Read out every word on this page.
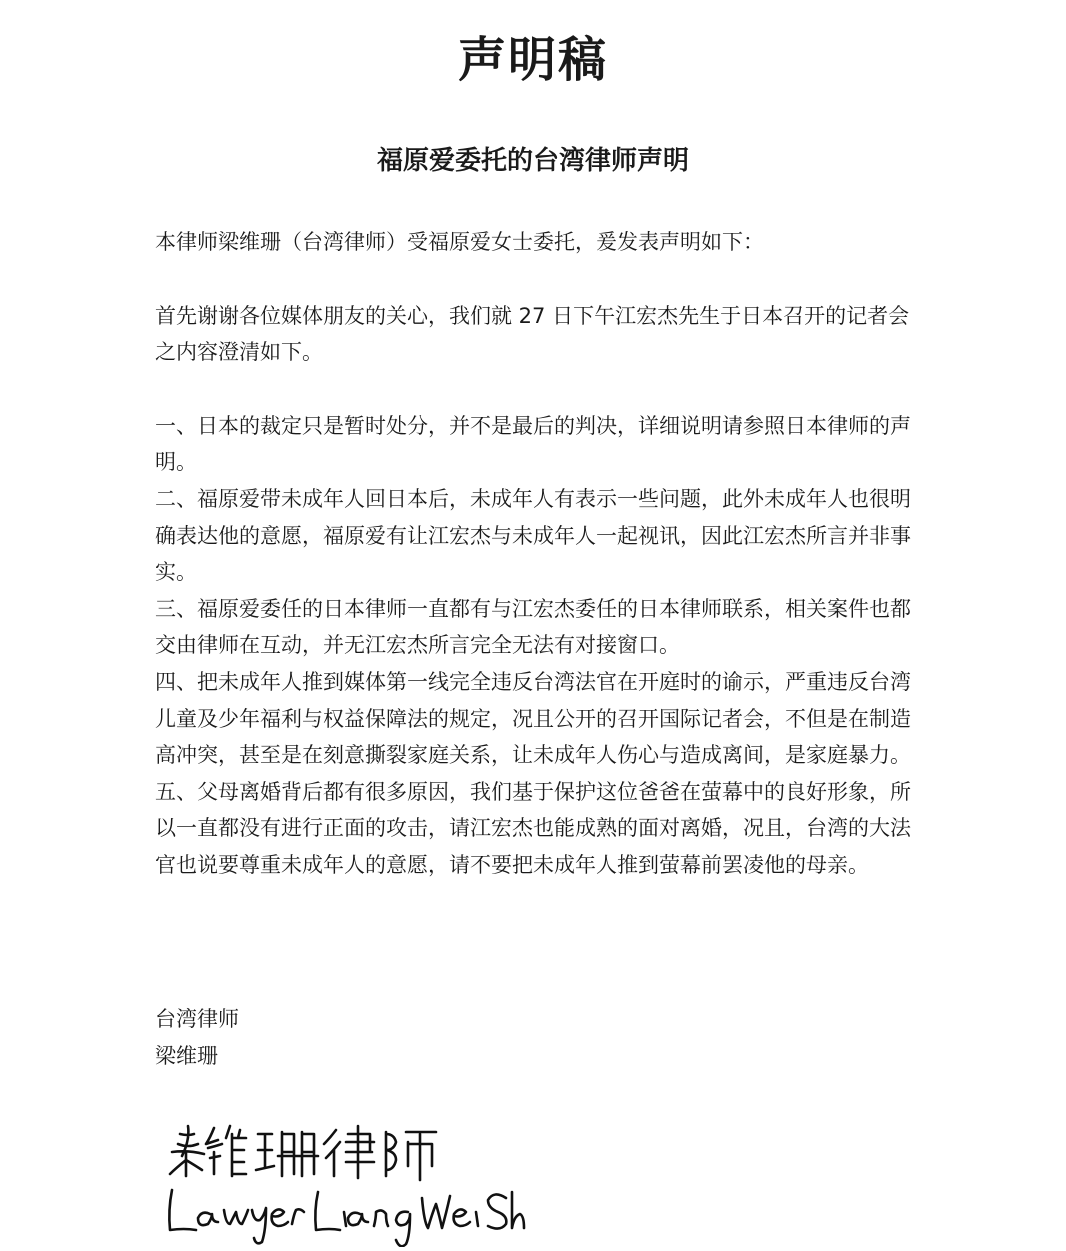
声明稿
福原爱委托的台湾律师声明

本律师梁维珊（台湾律师）受福原爱女士委托，爰发表声明如下：

首先谢谢各位媒体朋友的关心，我们就 27 日下午江宏杰先生于日本召开的记者会之内容澄清如下。

一、日本的裁定只是暂时处分，并不是最后的判决，详细说明请参照日本律师的声明。

二、福原爱带未成年人回日本后，未成年人有表示一些问题，此外未成年人也很明确表达他的意愿，福原爱有让江宏杰与未成年人一起视讯，因此江宏杰所言并非事实。

三、福原爱委任的日本律师一直都有与江宏杰委任的日本律师联系，相关案件也都交由律师在互动，并无江宏杰所言完全无法有对接窗口。

四、把未成年人推到媒体第一线完全违反台湾法官在开庭时的谕示，严重违反台湾儿童及少年福利与权益保障法的规定，况且公开的召开国际记者会，不但是在制造高冲突，甚至是在刻意撕裂家庭关系，让未成年人伤心与造成离间，是家庭暴力。

五、父母离婚背后都有很多原因，我们基于保护这位爸爸在萤幕中的良好形象，所以一直都没有进行正面的攻击，请江宏杰也能成熟的面对离婚，况且，台湾的大法官也说要尊重未成年人的意愿，请不要把未成年人推到萤幕前罢凌他的母亲。

台湾律师
梁维珊
